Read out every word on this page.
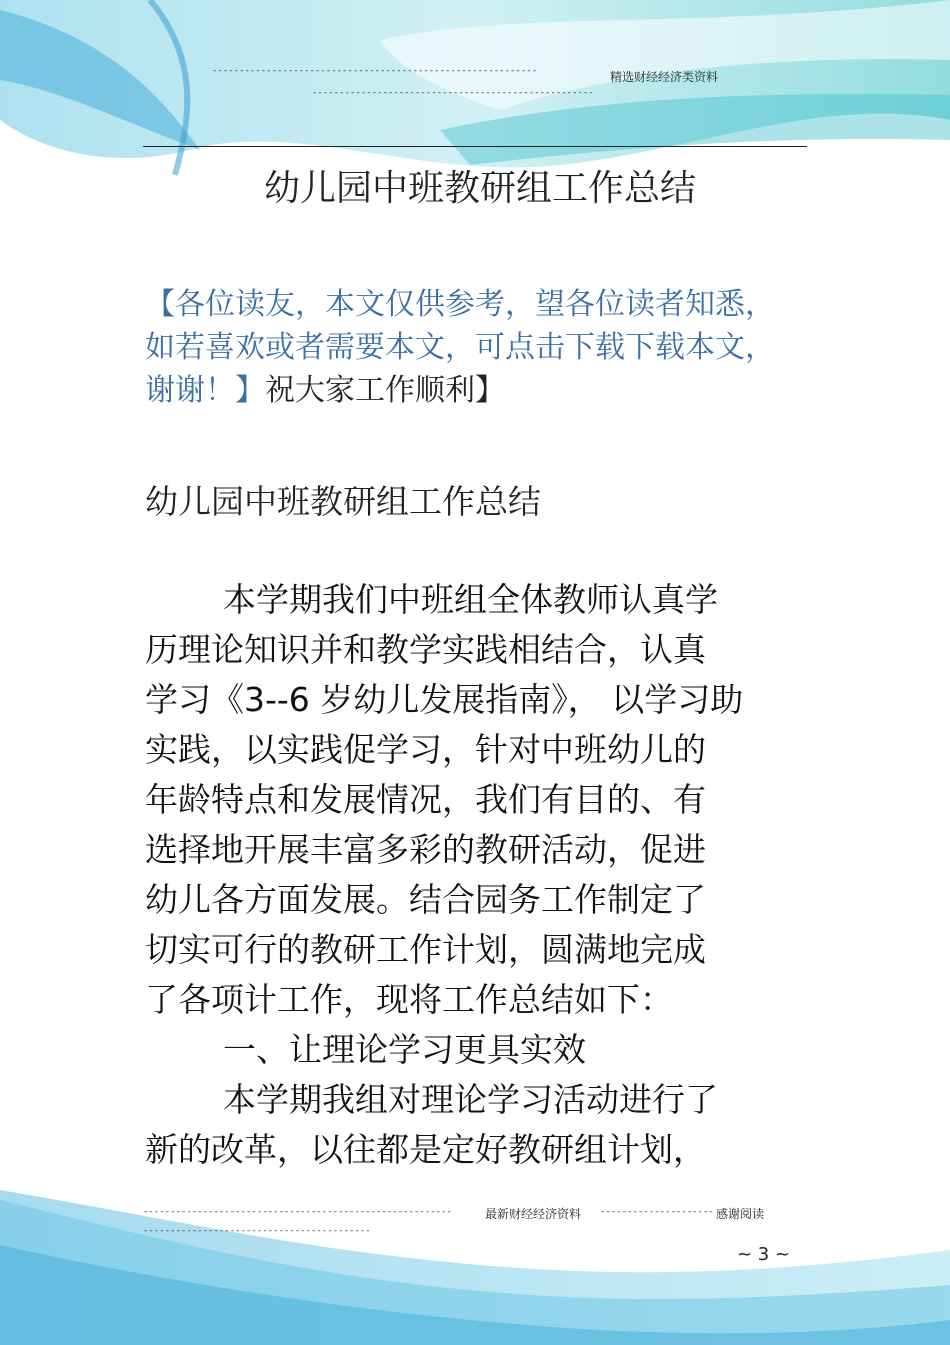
------------------------------------------------------------
----------------------------------------------------
精选财经经济类资料
幼儿园中班教研组工作总结
【各位读友，本文仅供参考，望各位读者知悉，如若喜欢或者需要本文，可点击下载下载本文，谢谢！】祝大家工作顺利】
幼儿园中班教研组工作总结
本学期我们中班组全体教师认真学
历理论知识并和教学实践相结合，认真
学习《3--6 岁幼儿发展指南》， 以学习助
实践，以实践促学习，针对中班幼儿的
年龄特点和发展情况，我们有目的、有
选择地开展丰富多彩的教研活动，促进
幼儿各方面发展。结合园务工作制定了
切实可行的教研工作计划，圆满地完成
了各项计工作，现将工作总结如下：
一、让理论学习更具实效
本学期我组对理论学习活动进行了
新的改革，以往都是定好教研组计划，
---------------------------------------------------------
------------------------------------------
最新财经经济资料 --------------------- 感谢阅读
~ 3 ~
